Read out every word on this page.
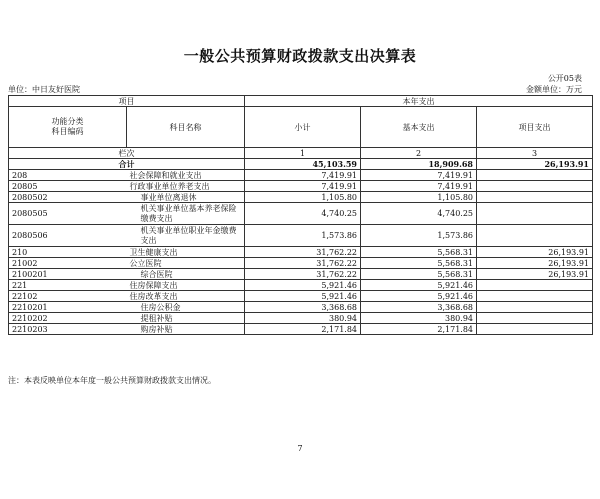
一般公共预算财政拨款支出决算表
公开05表
单位：中日友好医院	金额单位：万元
项目		本年支出		

功能分类
科目编码	科目名称	小计	基本支出	项目支出
栏次		1	2	3
合计		45,103.59	18,909.68	26,193.91
208	社会保障和就业支出	7,419.91	7,419.91	
20805	行政事业单位养老支出	7,419.91	7,419.91	
2080502	事业单位离退休	1,105.80	1,105.80	
2080505	机关事业单位基本养老保险缴费支出	4,740.25	4,740.25	
2080506	机关事业单位职业年金缴费支出	1,573.86	1,573.86	
210	卫生健康支出	31,762.22	5,568.31	26,193.91
21002	公立医院	31,762.22	5,568.31	26,193.91
2100201	综合医院	31,762.22	5,568.31	26,193.91
221	住房保障支出	5,921.46	5,921.46	
22102	住房改革支出	5,921.46	5,921.46	
2210201	住房公积金	3,368.68	3,368.68	
2210202	提租补贴	380.94	380.94	
2210203	购房补贴	2,171.84	2,171.84	
注：本表反映单位本年度一般公共预算财政拨款支出情况。
7
